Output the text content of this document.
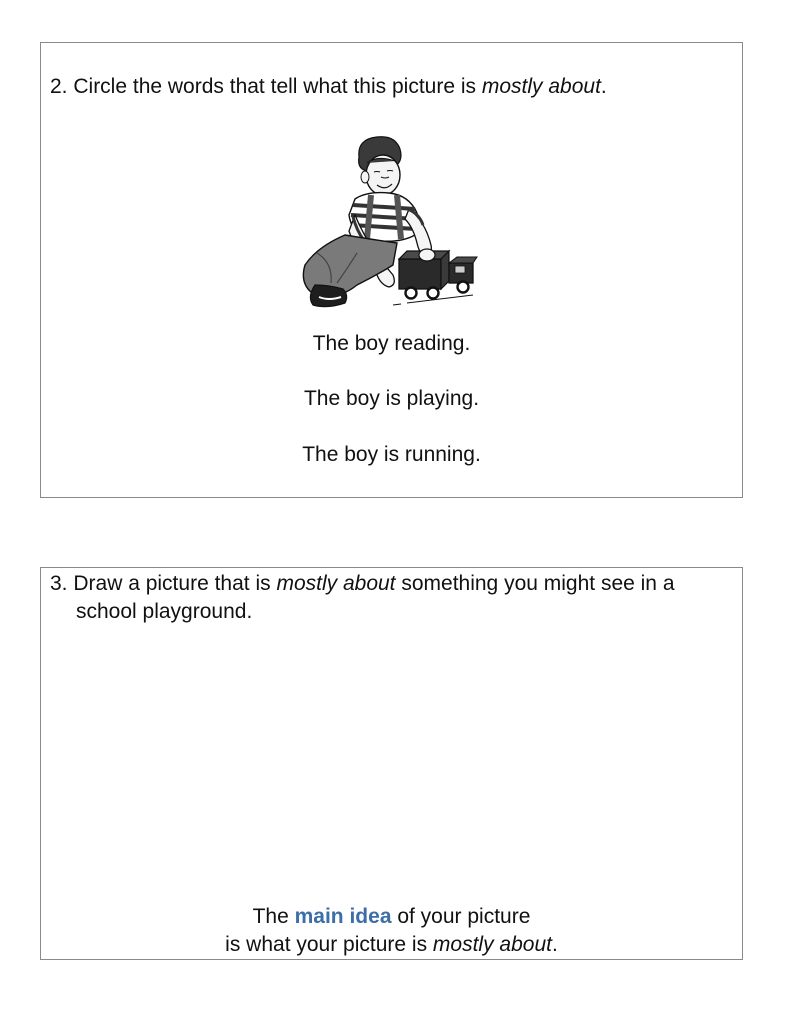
2. Circle the words that tell what this picture is mostly about.
The boy reading.
The boy is playing.
The boy is running.
3. Draw a picture that is mostly about something you might see in a school playground.
The main idea of your picture
is what your picture is mostly about.
